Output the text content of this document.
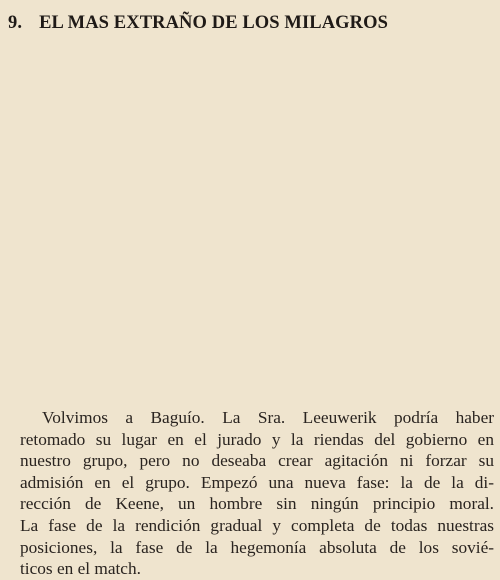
9. EL MAS EXTRAÑO DE LOS MILAGROS
Volvimos a Baguío. La Sra. Leeuwerik podría haber
retomado su lugar en el jurado y la riendas del gobierno en
nuestro grupo, pero no deseaba crear agitación ni forzar su
admisión en el grupo. Empezó una nueva fase: la de la di-
rección de Keene, un hombre sin ningún principio moral.
La fase de la rendición gradual y completa de todas nuestras
posiciones, la fase de la hegemonía absoluta de los sovié-
ticos en el match.
